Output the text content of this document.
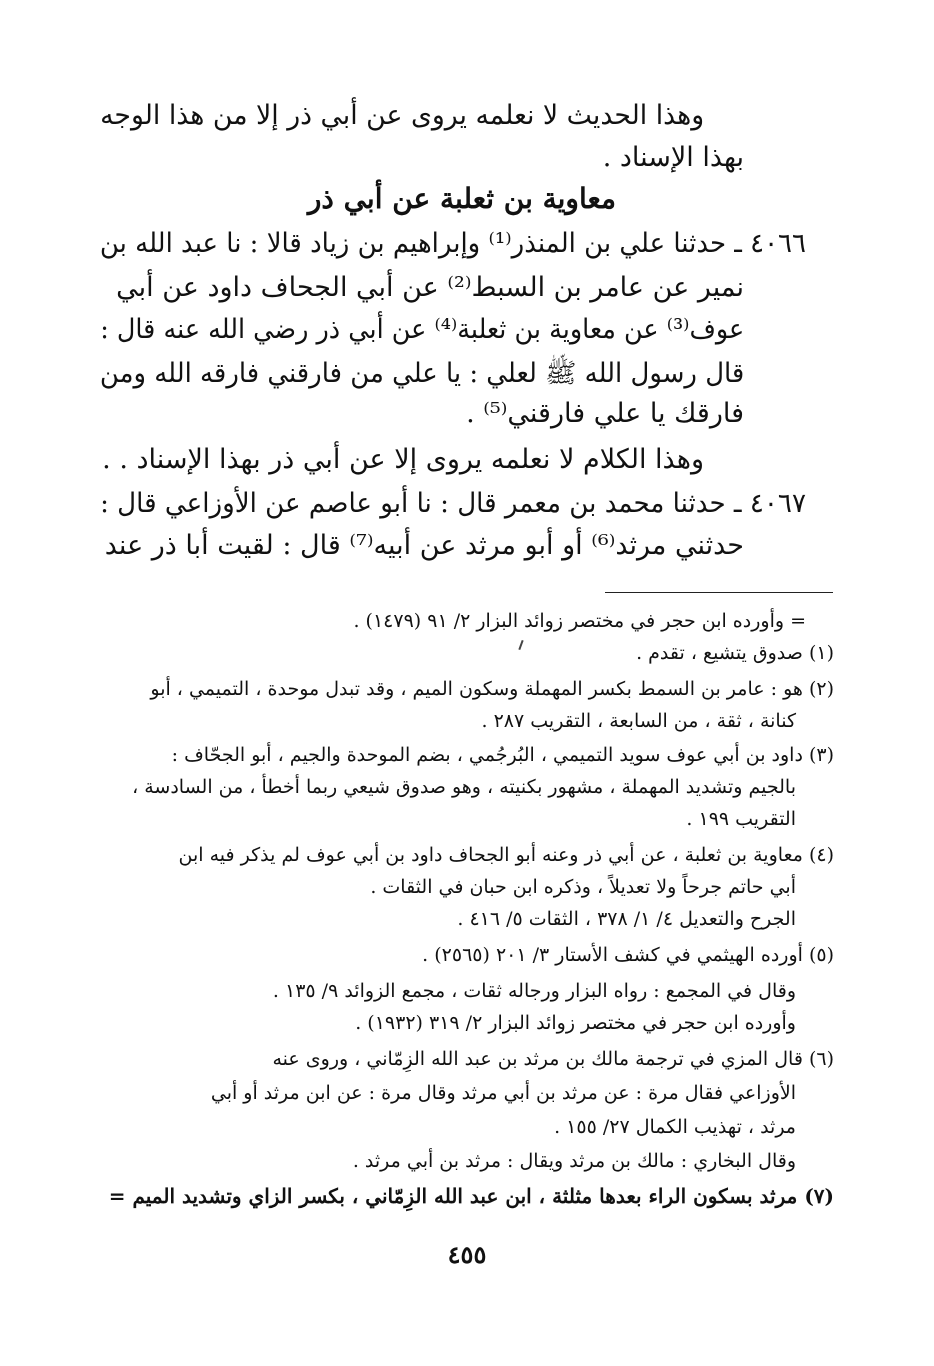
وهذا الحديث لا نعلمه يروى عن أبي ذر إلا من هذا الوجه
بهذا الإسناد .
معاوية بن ثعلبة عن أبي ذر
٤٠٦٦ ـ حدثنا علي بن المنذر⁽¹⁾ وإبراهيم بن زياد قالا : نا عبد الله بن
نمير عن عامر بن السبط⁽²⁾ عن أبي الجحاف داود عن أبي
عوف⁽³⁾ عن معاوية بن ثعلبة⁽⁴⁾ عن أبي ذر رضي الله عنه قال :
قال رسول الله ﷺ لعلي : يا علي من فارقني فارقه الله ومن
فارقك يا علي فارقني⁽⁵⁾ .
وهذا الكلام لا نعلمه يروى إلا عن أبي ذر بهذا الإسناد . .
٤٠٦٧ ـ حدثنا محمد بن معمر قال : نا أبو عاصم عن الأوزاعي قال :
حدثني مرثد⁽⁶⁾ أو أبو مرثد عن أبيه⁽⁷⁾ قال : لقيت أبا ذر عند
= وأورده ابن حجر في مختصر زوائد البزار ٢/ ٩١ (١٤٧٩) .
(١) صدوق يتشيع ، تقدم .
(٢) هو : عامر بن السمط بكسر المهملة وسكون الميم ، وقد تبدل موحدة ، التميمي ، أبو
كنانة ، ثقة ، من السابعة ، التقريب ٢٨٧ .
(٣) داود بن أبي عوف سويد التميمي ، البُرجُمي ، بضم الموحدة والجيم ، أبو الجحّاف :
بالجيم وتشديد المهملة ، مشهور بكنيته ، وهو صدوق شيعي ربما أخطأ ، من السادسة ،
التقريب ١٩٩ .
(٤) معاوية بن ثعلبة ، عن أبي ذر وعنه أبو الجحاف داود بن أبي عوف لم يذكر فيه ابن
أبي حاتم جرحاً ولا تعديلاً ، وذكره ابن حبان في الثقات .
الجرح والتعديل ٤/ ١/ ٣٧٨ ، الثقات ٥/ ٤١٦ .
(٥) أورده الهيثمي في كشف الأستار ٣/ ٢٠١ (٢٥٦٥) .
وقال في المجمع : رواه البزار ورجاله ثقات ، مجمع الزوائد ٩/ ١٣٥ .
وأورده ابن حجر في مختصر زوائد البزار ٢/ ٣١٩ (١٩٣٢) .
(٦) قال المزي في ترجمة مالك بن مرثد بن عبد الله الزِمّاني ، وروى عنه
الأوزاعي فقال مرة : عن مرثد بن أبي مرثد وقال مرة : عن ابن مرثد أو أبي
مرثد ، تهذيب الكمال ٢٧/ ١٥٥ .
وقال البخاري : مالك بن مرثد ويقال : مرثد بن أبي مرثد .
(٧) مرثد بسكون الراء بعدها مثلثة ، ابن عبد الله الزِمّاني ، بكسر الزاي وتشديد الميم =
٤٥٥
